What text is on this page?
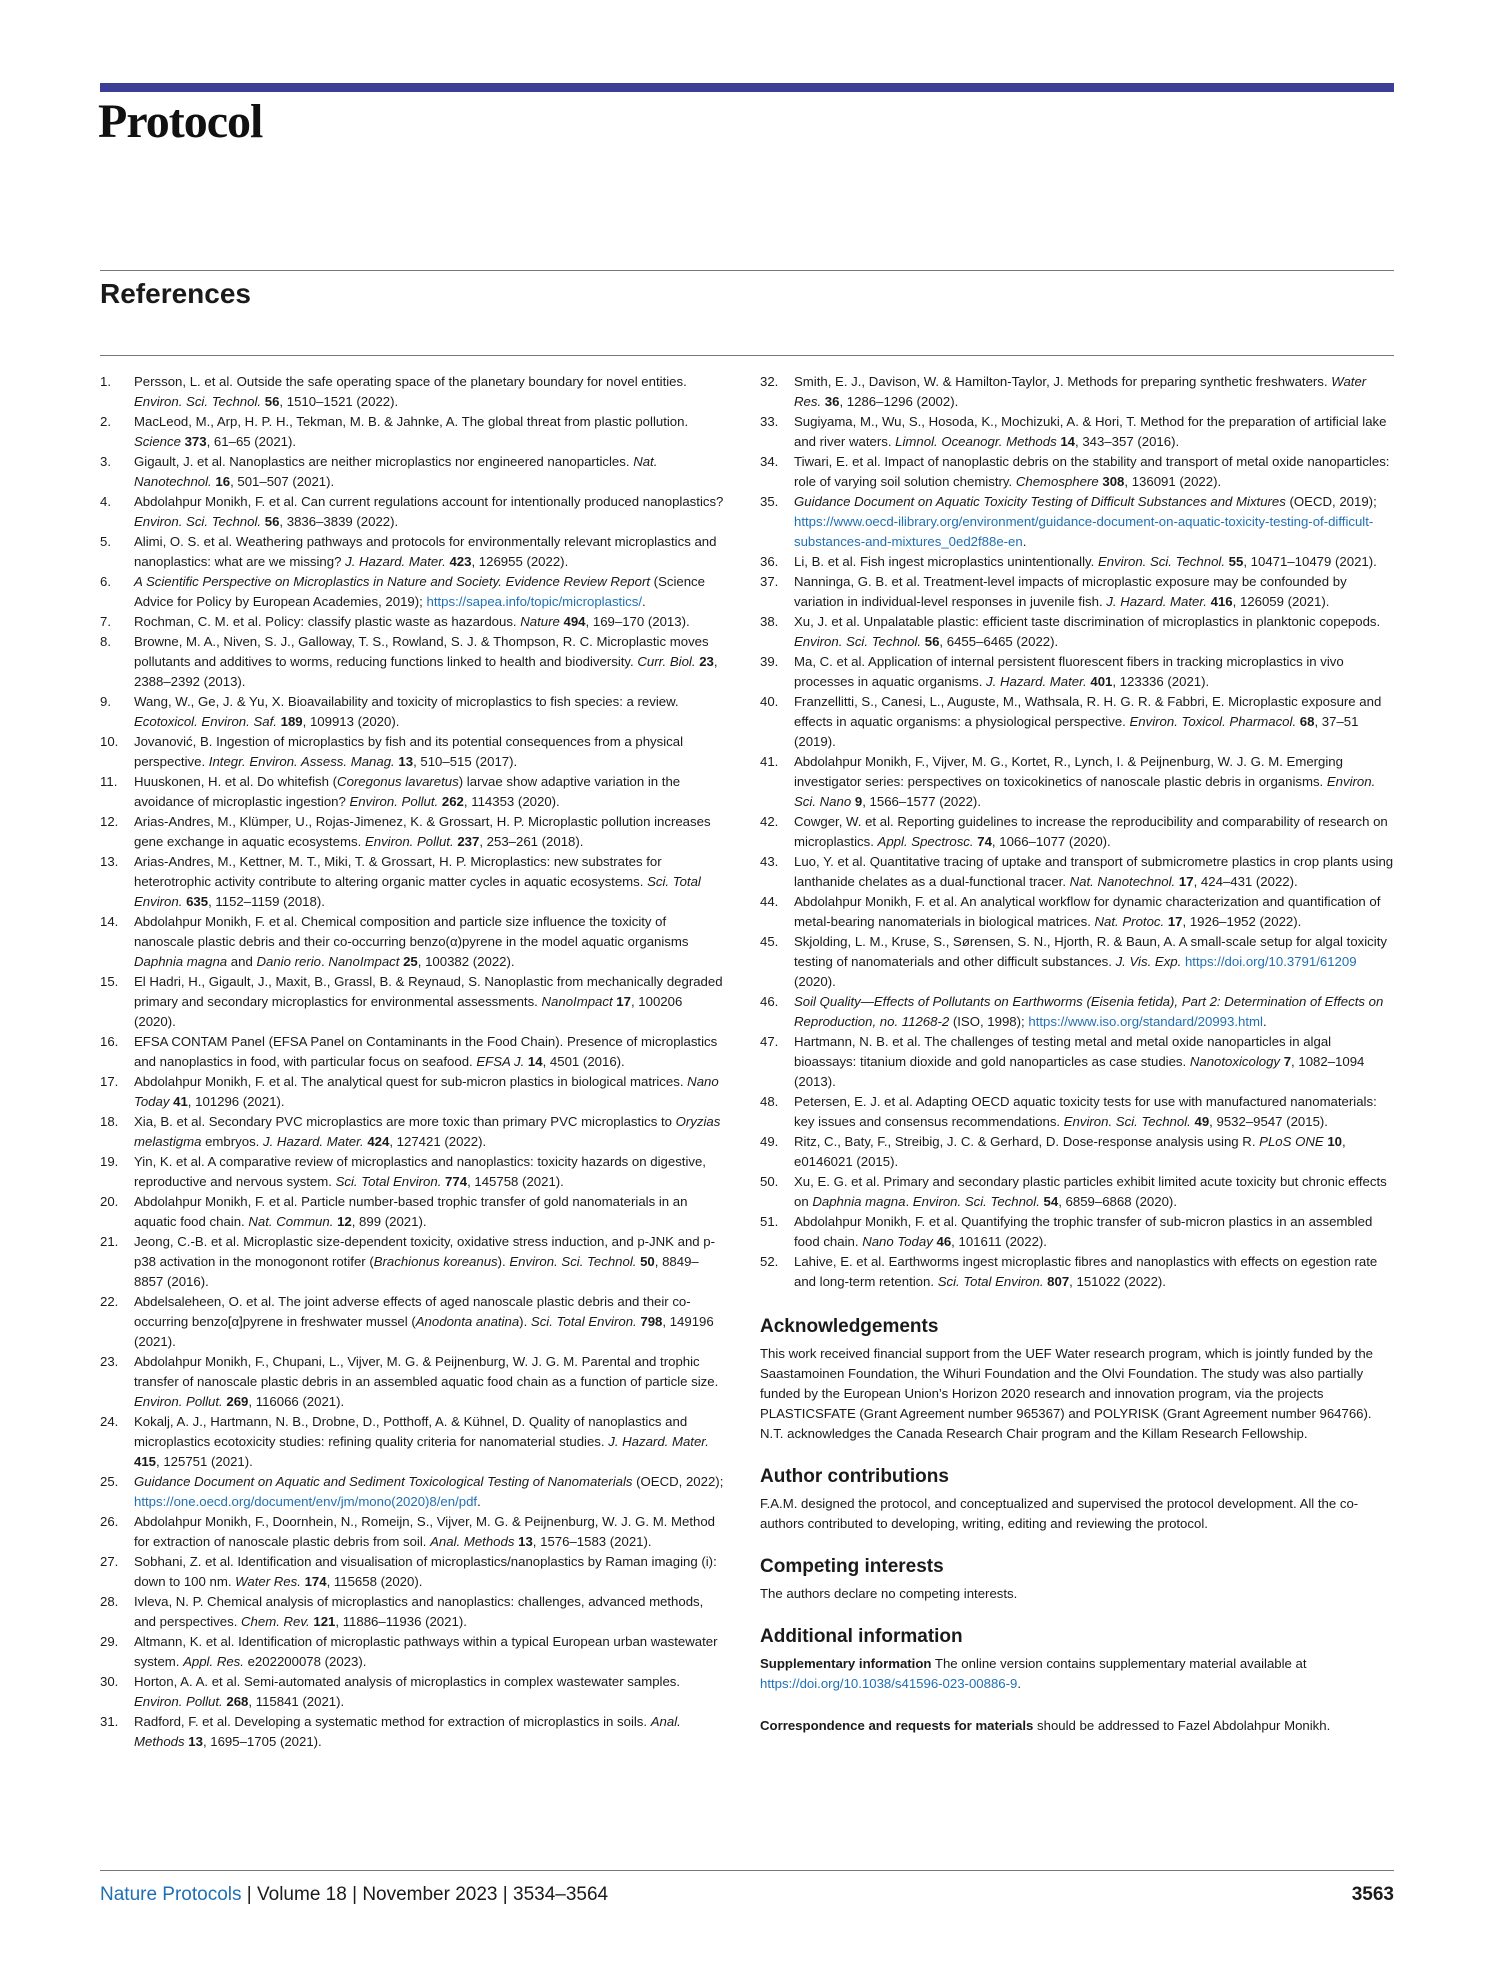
Protocol
References
1. Persson, L. et al. Outside the safe operating space of the planetary boundary for novel entities. Environ. Sci. Technol. 56, 1510–1521 (2022).
2. MacLeod, M., Arp, H. P. H., Tekman, M. B. & Jahnke, A. The global threat from plastic pollution. Science 373, 61–65 (2021).
3. Gigault, J. et al. Nanoplastics are neither microplastics nor engineered nanoparticles. Nat. Nanotechnol. 16, 501–507 (2021).
4. Abdolahpur Monikh, F. et al. Can current regulations account for intentionally produced nanoplastics? Environ. Sci. Technol. 56, 3836–3839 (2022).
5. Alimi, O. S. et al. Weathering pathways and protocols for environmentally relevant microplastics and nanoplastics: what are we missing? J. Hazard. Mater. 423, 126955 (2022).
6. A Scientific Perspective on Microplastics in Nature and Society. Evidence Review Report (Science Advice for Policy by European Academies, 2019); https://sapea.info/topic/microplastics/.
7. Rochman, C. M. et al. Policy: classify plastic waste as hazardous. Nature 494, 169–170 (2013).
8. Browne, M. A., Niven, S. J., Galloway, T. S., Rowland, S. J. & Thompson, R. C. Microplastic moves pollutants and additives to worms, reducing functions linked to health and biodiversity. Curr. Biol. 23, 2388–2392 (2013).
9. Wang, W., Ge, J. & Yu, X. Bioavailability and toxicity of microplastics to fish species: a review. Ecotoxicol. Environ. Saf. 189, 109913 (2020).
10. Jovanović, B. Ingestion of microplastics by fish and its potential consequences from a physical perspective. Integr. Environ. Assess. Manag. 13, 510–515 (2017).
11. Huuskonen, H. et al. Do whitefish (Coregonus lavaretus) larvae show adaptive variation in the avoidance of microplastic ingestion? Environ. Pollut. 262, 114353 (2020).
12. Arias-Andres, M., Klümper, U., Rojas-Jimenez, K. & Grossart, H. P. Microplastic pollution increases gene exchange in aquatic ecosystems. Environ. Pollut. 237, 253–261 (2018).
13. Arias-Andres, M., Kettner, M. T., Miki, T. & Grossart, H. P. Microplastics: new substrates for heterotrophic activity contribute to altering organic matter cycles in aquatic ecosystems. Sci. Total Environ. 635, 1152–1159 (2018).
14. Abdolahpur Monikh, F. et al. Chemical composition and particle size influence the toxicity of nanoscale plastic debris and their co-occurring benzo(α)pyrene in the model aquatic organisms Daphnia magna and Danio rerio. NanoImpact 25, 100382 (2022).
15. El Hadri, H., Gigault, J., Maxit, B., Grassl, B. & Reynaud, S. Nanoplastic from mechanically degraded primary and secondary microplastics for environmental assessments. NanoImpact 17, 100206 (2020).
16. EFSA CONTAM Panel (EFSA Panel on Contaminants in the Food Chain). Presence of microplastics and nanoplastics in food, with particular focus on seafood. EFSA J. 14, 4501 (2016).
17. Abdolahpur Monikh, F. et al. The analytical quest for sub-micron plastics in biological matrices. Nano Today 41, 101296 (2021).
18. Xia, B. et al. Secondary PVC microplastics are more toxic than primary PVC microplastics to Oryzias melastigma embryos. J. Hazard. Mater. 424, 127421 (2022).
19. Yin, K. et al. A comparative review of microplastics and nanoplastics: toxicity hazards on digestive, reproductive and nervous system. Sci. Total Environ. 774, 145758 (2021).
20. Abdolahpur Monikh, F. et al. Particle number-based trophic transfer of gold nanomaterials in an aquatic food chain. Nat. Commun. 12, 899 (2021).
21. Jeong, C.-B. et al. Microplastic size-dependent toxicity, oxidative stress induction, and p-JNK and p-p38 activation in the monogonont rotifer (Brachionus koreanus). Environ. Sci. Technol. 50, 8849–8857 (2016).
22. Abdelsaleheen, O. et al. The joint adverse effects of aged nanoscale plastic debris and their co-occurring benzo[α]pyrene in freshwater mussel (Anodonta anatina). Sci. Total Environ. 798, 149196 (2021).
23. Abdolahpur Monikh, F., Chupani, L., Vijver, M. G. & Peijnenburg, W. J. G. M. Parental and trophic transfer of nanoscale plastic debris in an assembled aquatic food chain as a function of particle size. Environ. Pollut. 269, 116066 (2021).
24. Kokalj, A. J., Hartmann, N. B., Drobne, D., Potthoff, A. & Kühnel, D. Quality of nanoplastics and microplastics ecotoxicity studies: refining quality criteria for nanomaterial studies. J. Hazard. Mater. 415, 125751 (2021).
25. Guidance Document on Aquatic and Sediment Toxicological Testing of Nanomaterials (OECD, 2022); https://one.oecd.org/document/env/jm/mono(2020)8/en/pdf.
26. Abdolahpur Monikh, F., Doornhein, N., Romeijn, S., Vijver, M. G. & Peijnenburg, W. J. G. M. Method for extraction of nanoscale plastic debris from soil. Anal. Methods 13, 1576–1583 (2021).
27. Sobhani, Z. et al. Identification and visualisation of microplastics/nanoplastics by Raman imaging (i): down to 100 nm. Water Res. 174, 115658 (2020).
28. Ivleva, N. P. Chemical analysis of microplastics and nanoplastics: challenges, advanced methods, and perspectives. Chem. Rev. 121, 11886–11936 (2021).
29. Altmann, K. et al. Identification of microplastic pathways within a typical European urban wastewater system. Appl. Res. e202200078 (2023).
30. Horton, A. A. et al. Semi-automated analysis of microplastics in complex wastewater samples. Environ. Pollut. 268, 115841 (2021).
31. Radford, F. et al. Developing a systematic method for extraction of microplastics in soils. Anal. Methods 13, 1695–1705 (2021).
32. Smith, E. J., Davison, W. & Hamilton-Taylor, J. Methods for preparing synthetic freshwaters. Water Res. 36, 1286–1296 (2002).
33. Sugiyama, M., Wu, S., Hosoda, K., Mochizuki, A. & Hori, T. Method for the preparation of artificial lake and river waters. Limnol. Oceanogr. Methods 14, 343–357 (2016).
34. Tiwari, E. et al. Impact of nanoplastic debris on the stability and transport of metal oxide nanoparticles: role of varying soil solution chemistry. Chemosphere 308, 136091 (2022).
35. Guidance Document on Aquatic Toxicity Testing of Difficult Substances and Mixtures (OECD, 2019); https://www.oecd-ilibrary.org/environment/guidance-document-on-aquatic-toxicity-testing-of-difficult-substances-and-mixtures_0ed2f88e-en.
36. Li, B. et al. Fish ingest microplastics unintentionally. Environ. Sci. Technol. 55, 10471–10479 (2021).
37. Nanninga, G. B. et al. Treatment-level impacts of microplastic exposure may be confounded by variation in individual-level responses in juvenile fish. J. Hazard. Mater. 416, 126059 (2021).
38. Xu, J. et al. Unpalatable plastic: efficient taste discrimination of microplastics in planktonic copepods. Environ. Sci. Technol. 56, 6455–6465 (2022).
39. Ma, C. et al. Application of internal persistent fluorescent fibers in tracking microplastics in vivo processes in aquatic organisms. J. Hazard. Mater. 401, 123336 (2021).
40. Franzellitti, S., Canesi, L., Auguste, M., Wathsala, R. H. G. R. & Fabbri, E. Microplastic exposure and effects in aquatic organisms: a physiological perspective. Environ. Toxicol. Pharmacol. 68, 37–51 (2019).
41. Abdolahpur Monikh, F., Vijver, M. G., Kortet, R., Lynch, I. & Peijnenburg, W. J. G. M. Emerging investigator series: perspectives on toxicokinetics of nanoscale plastic debris in organisms. Environ. Sci. Nano 9, 1566–1577 (2022).
42. Cowger, W. et al. Reporting guidelines to increase the reproducibility and comparability of research on microplastics. Appl. Spectrosc. 74, 1066–1077 (2020).
43. Luo, Y. et al. Quantitative tracing of uptake and transport of submicrometre plastics in crop plants using lanthanide chelates as a dual-functional tracer. Nat. Nanotechnol. 17, 424–431 (2022).
44. Abdolahpur Monikh, F. et al. An analytical workflow for dynamic characterization and quantification of metal-bearing nanomaterials in biological matrices. Nat. Protoc. 17, 1926–1952 (2022).
45. Skjolding, L. M., Kruse, S., Sørensen, S. N., Hjorth, R. & Baun, A. A small-scale setup for algal toxicity testing of nanomaterials and other difficult substances. J. Vis. Exp. https://doi.org/10.3791/61209 (2020).
46. Soil Quality—Effects of Pollutants on Earthworms (Eisenia fetida), Part 2: Determination of Effects on Reproduction, no. 11268-2 (ISO, 1998); https://www.iso.org/standard/20993.html.
47. Hartmann, N. B. et al. The challenges of testing metal and metal oxide nanoparticles in algal bioassays: titanium dioxide and gold nanoparticles as case studies. Nanotoxicology 7, 1082–1094 (2013).
48. Petersen, E. J. et al. Adapting OECD aquatic toxicity tests for use with manufactured nanomaterials: key issues and consensus recommendations. Environ. Sci. Technol. 49, 9532–9547 (2015).
49. Ritz, C., Baty, F., Streibig, J. C. & Gerhard, D. Dose-response analysis using R. PLoS ONE 10, e0146021 (2015).
50. Xu, E. G. et al. Primary and secondary plastic particles exhibit limited acute toxicity but chronic effects on Daphnia magna. Environ. Sci. Technol. 54, 6859–6868 (2020).
51. Abdolahpur Monikh, F. et al. Quantifying the trophic transfer of sub-micron plastics in an assembled food chain. Nano Today 46, 101611 (2022).
52. Lahive, E. et al. Earthworms ingest microplastic fibres and nanoplastics with effects on egestion rate and long-term retention. Sci. Total Environ. 807, 151022 (2022).
Acknowledgements

This work received financial support from the UEF Water research program, which is jointly funded by the Saastamoinen Foundation, the Wihuri Foundation and the Olvi Foundation. The study was also partially funded by the European Union’s Horizon 2020 research and innovation program, via the projects PLASTICSFATE (Grant Agreement number 965367) and POLYRISK (Grant Agreement number 964766). N.T. acknowledges the Canada Research Chair program and the Killam Research Fellowship.

Author contributions

F.A.M. designed the protocol, and conceptualized and supervised the protocol development. All the co-authors contributed to developing, writing, editing and reviewing the protocol.

Competing interests

The authors declare no competing interests.

Additional information

Supplementary information The online version contains supplementary material available at https://doi.org/10.1038/s41596-023-00886-9.

Correspondence and requests for materials should be addressed to Fazel Abdolahpur Monikh.

Nature Protocols | Volume 18 | November 2023 | 3534–3564	3563
